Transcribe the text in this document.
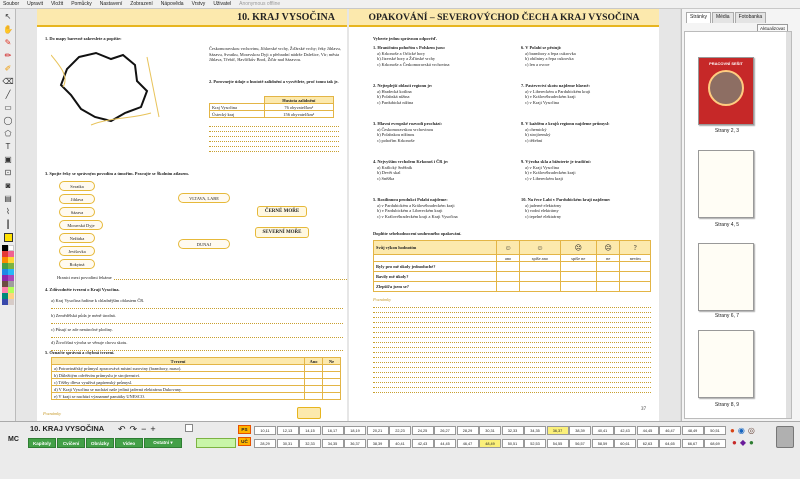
Soubor Upravit Vložit Pomůcky Nastavení Zobrazení Nápověda Vrstvy Uživatel Anonymous offline
↖
✋
✎
✏
✐
⌫
╱
▭
◯
⬠
T
▣
⊡
◙
▤
⌇
┃
10. KRAJ VYSOČINA
1. Do mapy barevně zakreslete a popište:
Českomoravskou vrchovinu, Jihlavské vrchy, Žďárské vrchy; řeky Jihlavu, Sázavu, Svratku, Moravskou Dyji a přehradní nádrže Dalešice, Vír; města Jihlava, Třebíč, Havlíčkův Brod, Žďár nad Sázavou.
2. Porovnejte údaje o hustotě zalidnění a vysvětlete, proč tomu tak je.
	Hustota zalidnění
Kraj Vysočina	76 obyvatel/km²
Ústecký kraj	156 obyvatel/km²
3. Spojte řeky se správným povodím a úmořím. Pracujte se Školním atlasem.
Svratka
Jihlava
Sázava
Moravská Dyje
Nežárka
Jevišovka
Rokytná
VLTAVA, LABE
DUNAJ
ČERNÉ MOŘE
SEVERNÍ MOŘE
Hranici mezi povodími řekáme
4. Zdůvodněte tvrzení o Kraji Vysočina.
a) Kraj Vysočina řadíme k chladnějším oblastem ČR.
b) Zemědělská půda je méně úrodná.
c) Půsují se zde nenáročné plodiny.
d) Živočišná výroba se věnuje chovu skotu.
5. Označte správná a chybná tvrzení.
Tvrzení	Ano	Ne
a) Potravinářský průmysl zpracovává místní suroviny (brambory, maso).		
b) Důležitým odvětvím průmyslu je strojírenství.		
c) Těžby dřeva využívá papírenský průmysl.		
d) V Kraji Vysočina se nachází naše jediná jaderná elektrárna Dukovany.		
e) V kraji se nachází významné památky UNESCO.		
Poznámky
OPAKOVÁNÍ – SEVEROVÝCHOD ČECH A KRAJ VYSOČINA
Vyberte jednu správnou odpověď.
1. Hraničním pohořím s Polskem jsou:
a) Krkonoše a Orlické hory
b) Jizerské hory a Žďárské vrchy
c) Krkonoše a Českomoravská vrchovina
2. Nejteplejší oblastí regionu je:
a) Hradecká kotlina
b) Polabská nížina
c) Pardubická nížina
3. Hlavní evropské rozvodí prochází:
a) Českomoravskou vrchovinou
b) Polabskou nížinou
c) pohořím Krkonoše
4. Nejvyšším vrcholem Krkonoš i ČR je:
a) Králický Sněžník
b) Devět skal
c) Sněžka
5. Rostlinnou produkci Polabí najdeme:
a) v Pardubickém a Královéhradeckém kraji
b) v Pardubickém a Libereckém kraji
c) v Královéhradeckém kraji a Kraji Vysočina
6. V Polabí se pěstují:
a) brambory a řepa cukrovka
b) obilniny a řepa cukrovka
c) len a ovoce
7. Pastevectví skotu najdeme hlavně:
a) v Libereckém a Pardubickém kraji
b) v Královéhradeckém kraji
c) v Kraji Vysočina
8. V každém z krajů regionu najdeme průmysl:
a) chemický
b) strojírenský
c) těžební
9. Výroba skla a bižuterie je tradiční:
a) v Kraji Vysočina
b) v Královéhradeckém kraji
c) v Libereckém kraji
10. Na řece Labi v Pardubickém kraji najdeme:
a) jaderné elektrárny
b) vodní elektrárny
c) tepelné elektrárny
Doplňte sebehodnocení souhrnného opakování.
Svůj výkon hodnotím	☺	☺	☹	☹	?
	ano	spíše ano	spíše ne	ne	nevím
Byly pro mě úkoly jednoduché?					
Bavily mě úkoly?					
Zlepšil/a jsem se?					
Poznámky
37
Stránky	Média	Fotobanka
Aktualizovat
PRACOVNÍ SEŠIT
Strany 2, 3
Strany 4, 5
Strany 6, 7
Strany 8, 9
MC
10. KRAJ VYSOČINA
Kapitoly	Cvičení	Obrázky	Video	Ostatní ▾
↶ ↷ − +	PS
UČ
10,11	12,13	14,15	16,17	18,19	20,21	22,23	24,25	26,27	28,29	30,31	32,33	34,35	36,37	38,39	40,41	42,43	44,45	46,47	48,49	50,51
28,29	30,31	32,33	34,35	36,37	38,39	40,41	42,43	44,45	46,47	48,49	50,51	52,53	54,55	56,57	58,59	60,61	62,63	64,65	66,67	68,69
● ◉ ◎
● ◆ ●
